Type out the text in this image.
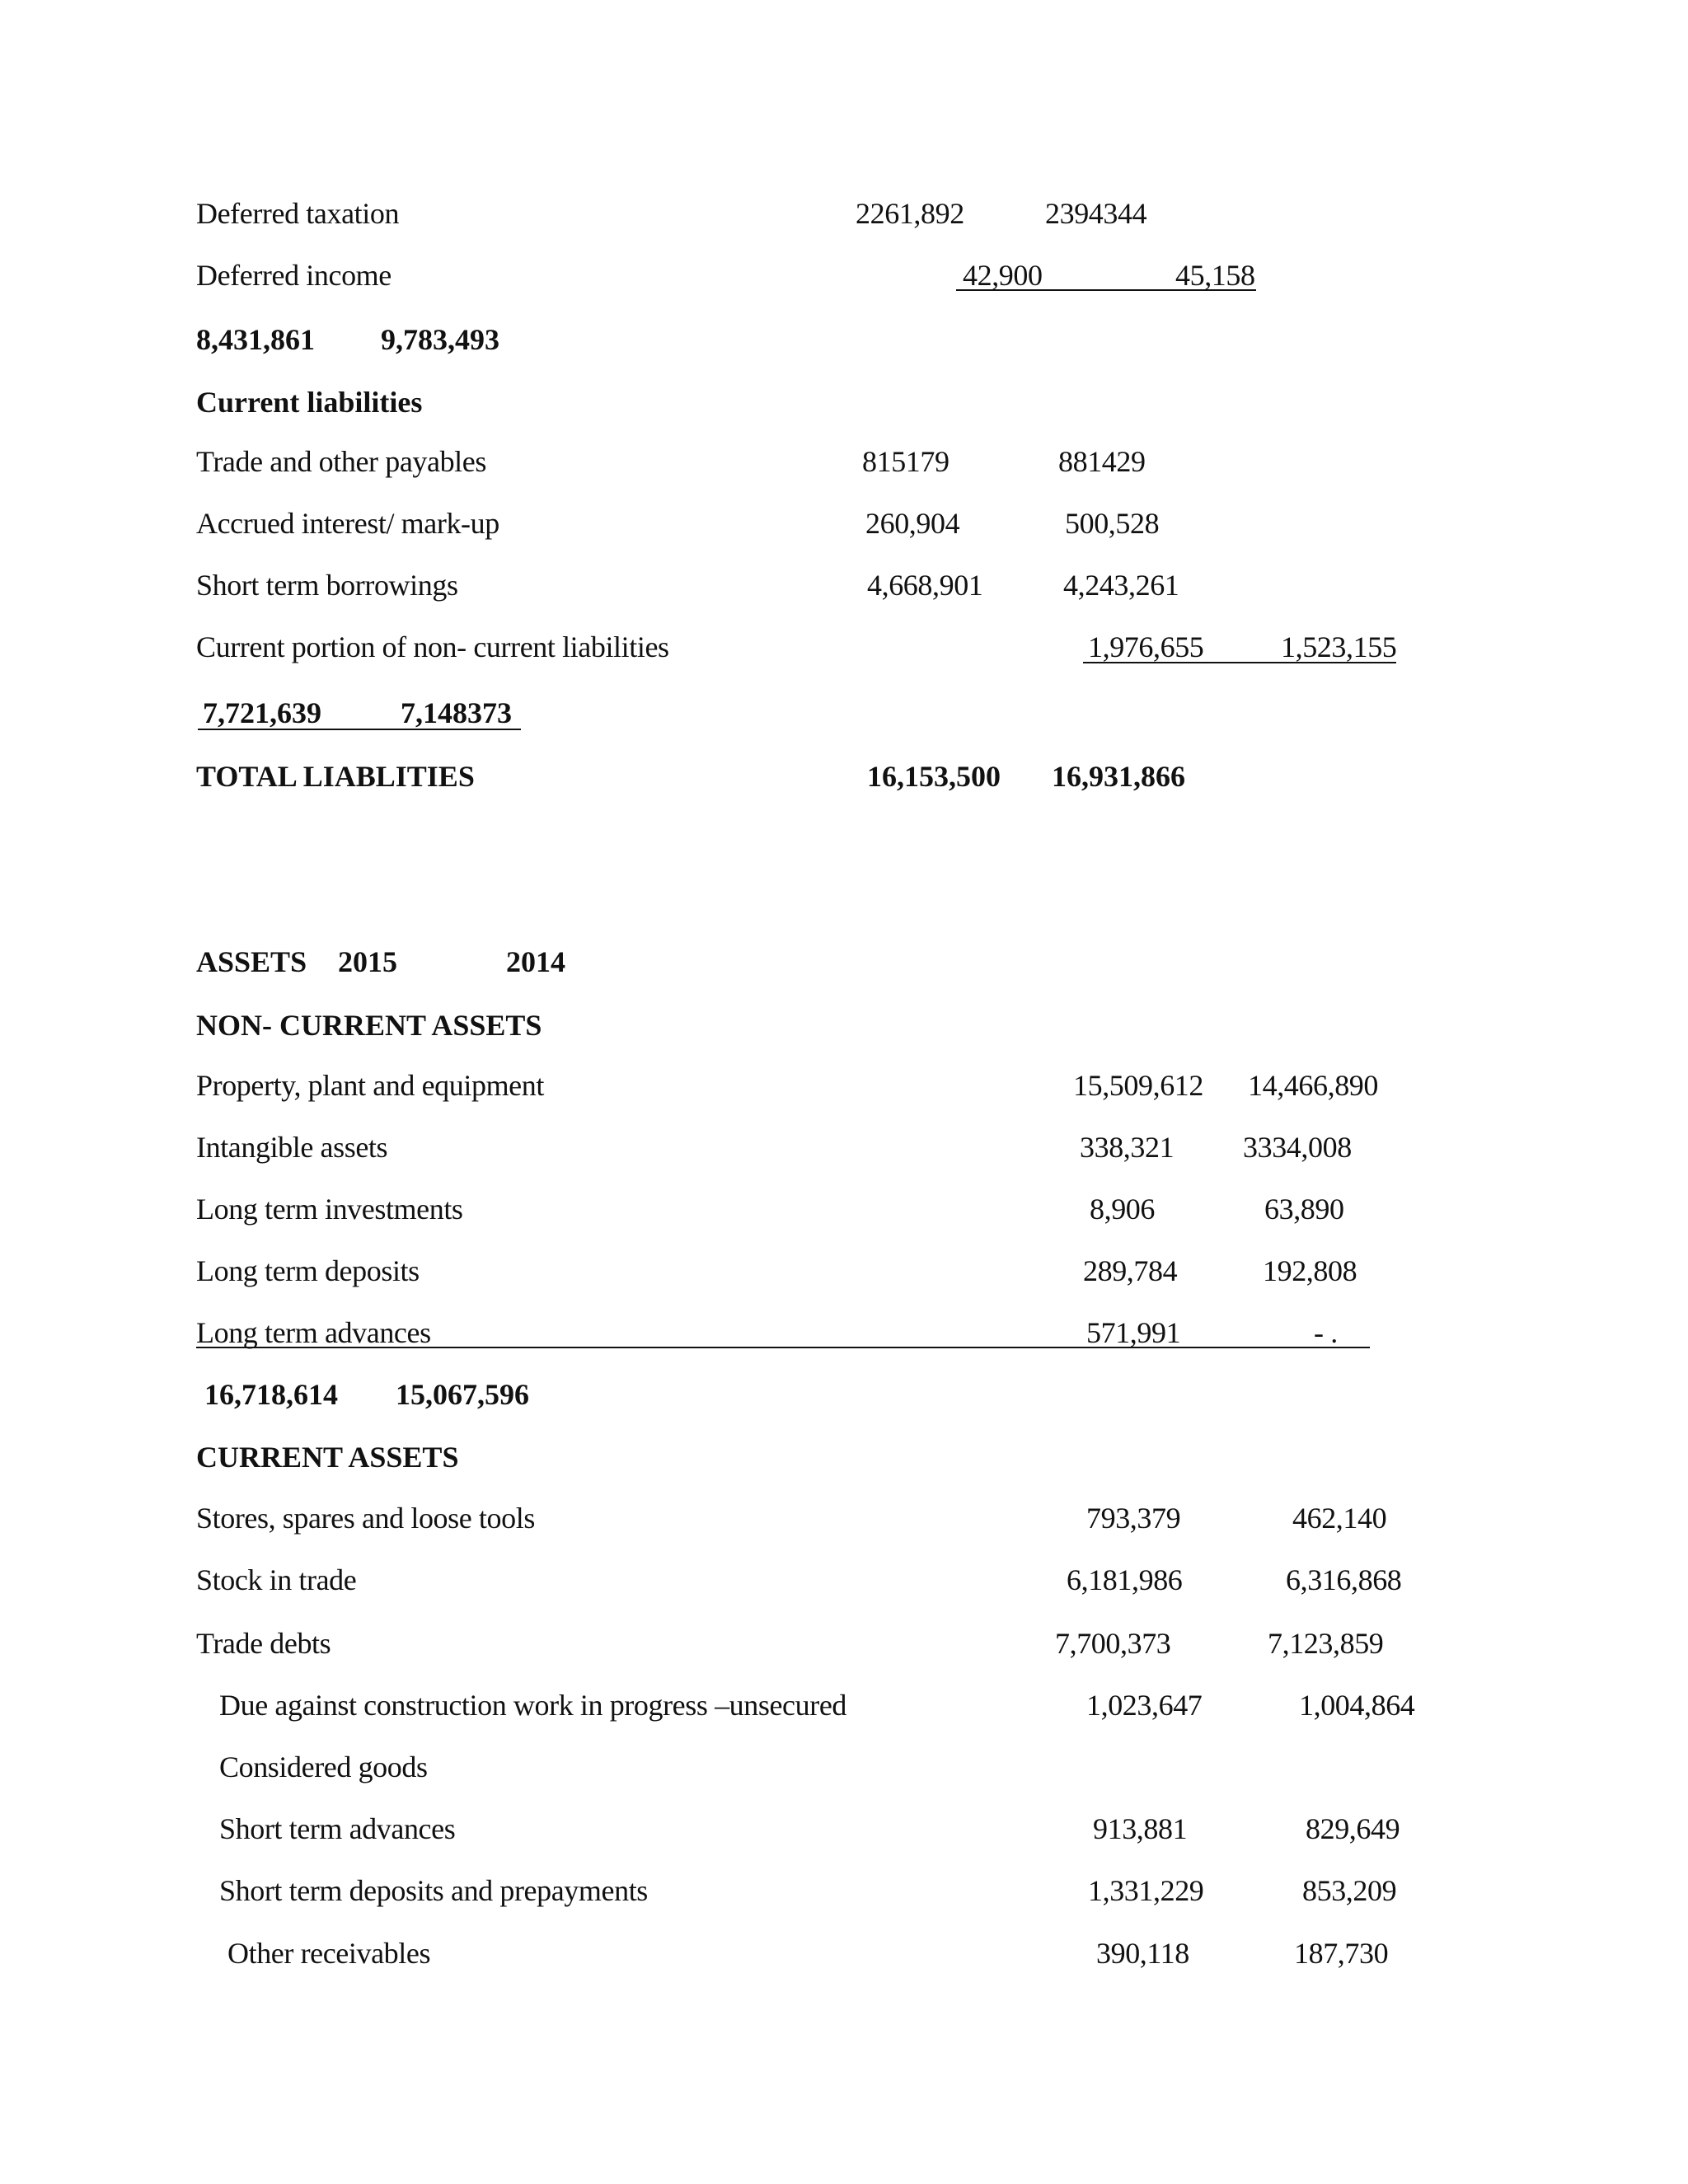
Deferred taxation	2261,892	2394344
Deferred income	42,900	45,158
8,431,861 9,783,493
Current liabilities
Trade and other payables	815179	881429
Accrued interest/ mark-up	260,904	500,528
Short term borrowings	4,668,901	4,243,261
Current portion of non- current liabilities	1,976,655	1,523,155
7,721,639	7,148373
TOTAL LIABLITIES	16,153,500 16,931,866
ASSETS 2015	2014
NON- CURRENT ASSETS
Property, plant and equipment	15,509,612 14,466,890
Intangible assets	338,321 3334,008
Long term investments	8,906	63,890
Long term deposits	289,784	192,808
Long term advances	571,991	- .
16,718,614 15,067,596
CURRENT ASSETS
Stores, spares and loose tools	793,379	462,140
Stock in trade	6,181,986	6,316,868
Trade debts	7,700,373	7,123,859
Due against construction work in progress –unsecured	1,023,647	1,004,864
Considered goods
Short term advances	913,881	829,649
Short term deposits and prepayments	1,331,229	853,209
Other receivables	390,118	187,730
